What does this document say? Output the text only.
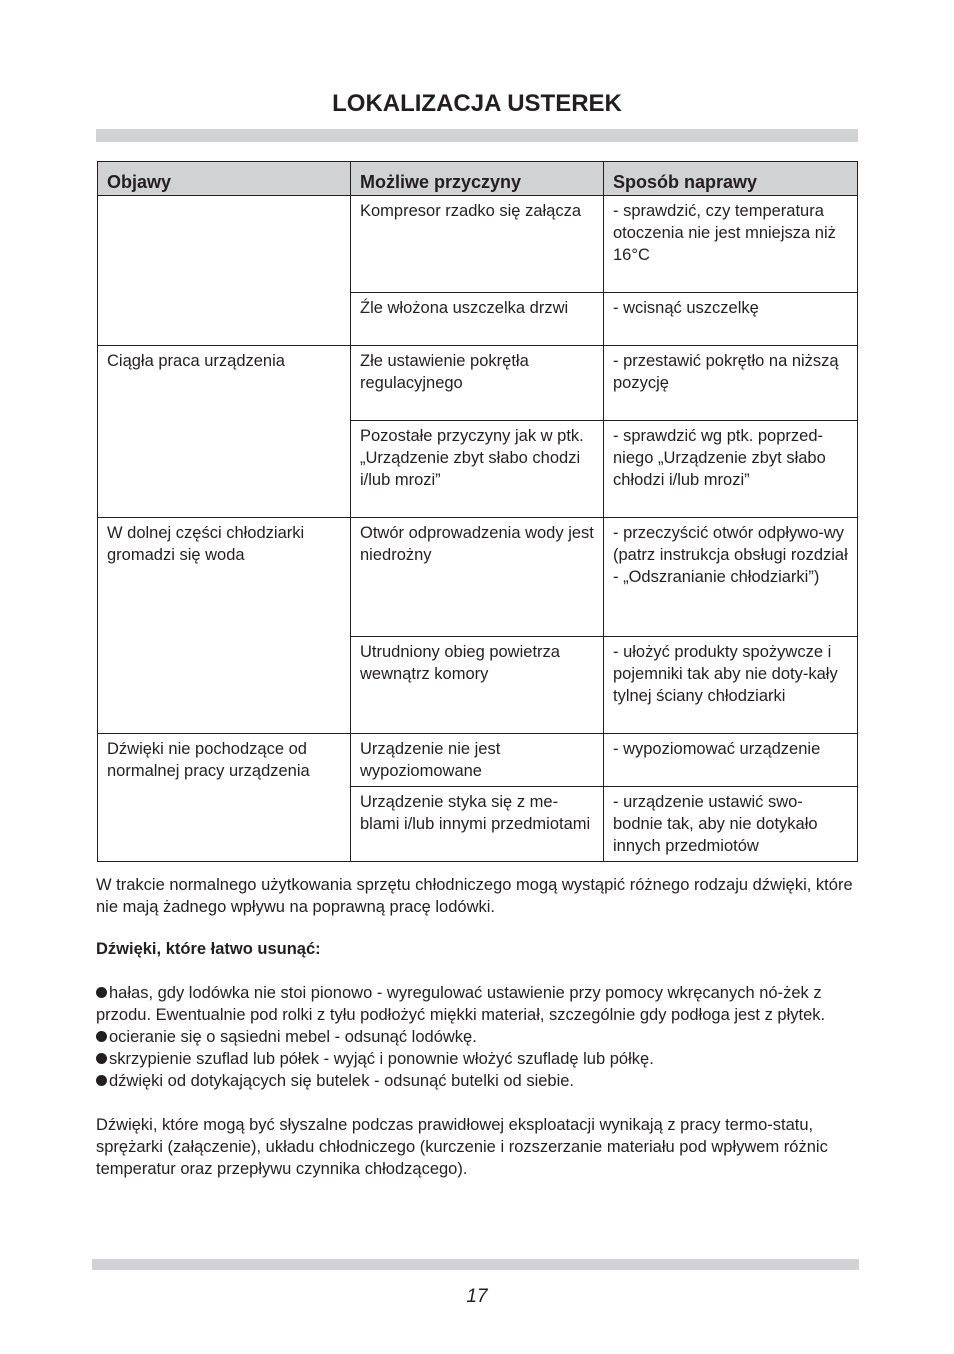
LOKALIZACJA USTEREK
Objawy	Możliwe przyczyny	Sposób naprawy
	Kompresor rzadko się załącza	- sprawdzić, czy temperatura otoczenia nie jest mniejsza niż 16°C
	Źle włożona uszczelka drzwi	- wcisnąć uszczelkę
Ciągła praca urządzenia	Złe ustawienie pokrętła regulacyjnego	- przestawić pokrętło na niższą pozycję
	Pozostałe przyczyny jak w ptk. „Urządzenie zbyt słabo chodzi i/lub mrozi”	- sprawdzić wg ptk. poprzed-niego „Urządzenie zbyt słabo chłodzi i/lub mrozi”
W dolnej części chłodziarki gromadzi się woda	Otwór odprowadzenia wody jest niedrożny	- przeczyścić otwór odpływo-wy (patrz instrukcja obsługi rozdział - „Odszranianie chłodziarki”)
	Utrudniony obieg powietrza wewnątrz komory	- ułożyć produkty spożywcze i pojemniki tak aby nie doty-kały tylnej ściany chłodziarki
Dźwięki nie pochodzące od normalnej pracy urządzenia	Urządzenie nie jest wypoziomowane	- wypoziomować urządzenie
	Urządzenie styka się z me-blami i/lub innymi przedmiotami	- urządzenie ustawić swo-bodnie tak, aby nie dotykało innych przedmiotów

W trakcie normalnego użytkowania sprzętu chłodniczego mogą wystąpić różnego rodzaju dźwięki, które nie mają żadnego wpływu na poprawną pracę lodówki.

Dźwięki, które łatwo usunąć:

hałas, gdy lodówka nie stoi pionowo - wyregulować ustawienie przy pomocy wkręcanych nó-żek z przodu. Ewentualnie pod rolki z tyłu podłożyć miękki materiał, szczególnie gdy podłoga jest z płytek.

ocieranie się o sąsiedni mebel - odsunąć lodówkę.

skrzypienie szuflad lub półek - wyjąć i ponownie włożyć szufladę lub półkę.

dźwięki od dotykających się butelek - odsunąć butelki od siebie.

Dźwięki, które mogą być słyszalne podczas prawidłowej eksploatacji wynikają z pracy termo-statu, sprężarki (załączenie), układu chłodniczego (kurczenie i rozszerzanie materiału pod wpływem różnic temperatur oraz przepływu czynnika chłodzącego).

17
